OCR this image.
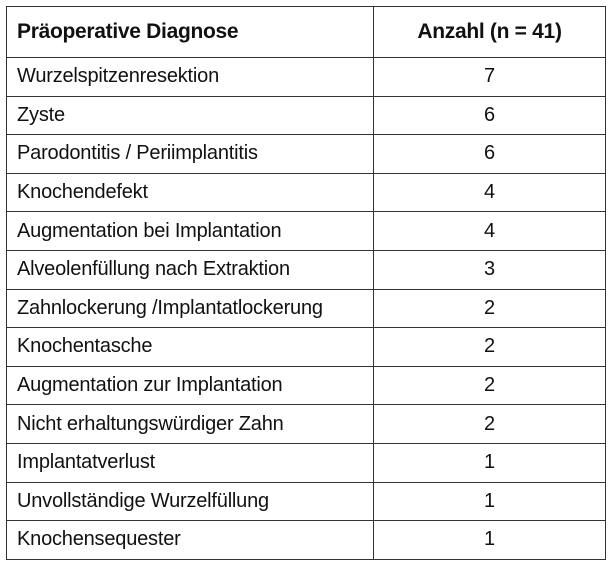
Präoperative Diagnose	Anzahl (n = 41)
Wurzelspitzenresektion	7
Zyste	6
Parodontitis / Periimplantitis	6
Knochendefekt	4
Augmentation bei Implantation	4
Alveolenfüllung nach Extraktion	3
Zahnlockerung /Implantatlockerung	2
Knochentasche	2
Augmentation zur Implantation	2
Nicht erhaltungswürdiger Zahn	2
Implantatverlust	1
Unvollständige Wurzelfüllung	1
Knochensequester	1
